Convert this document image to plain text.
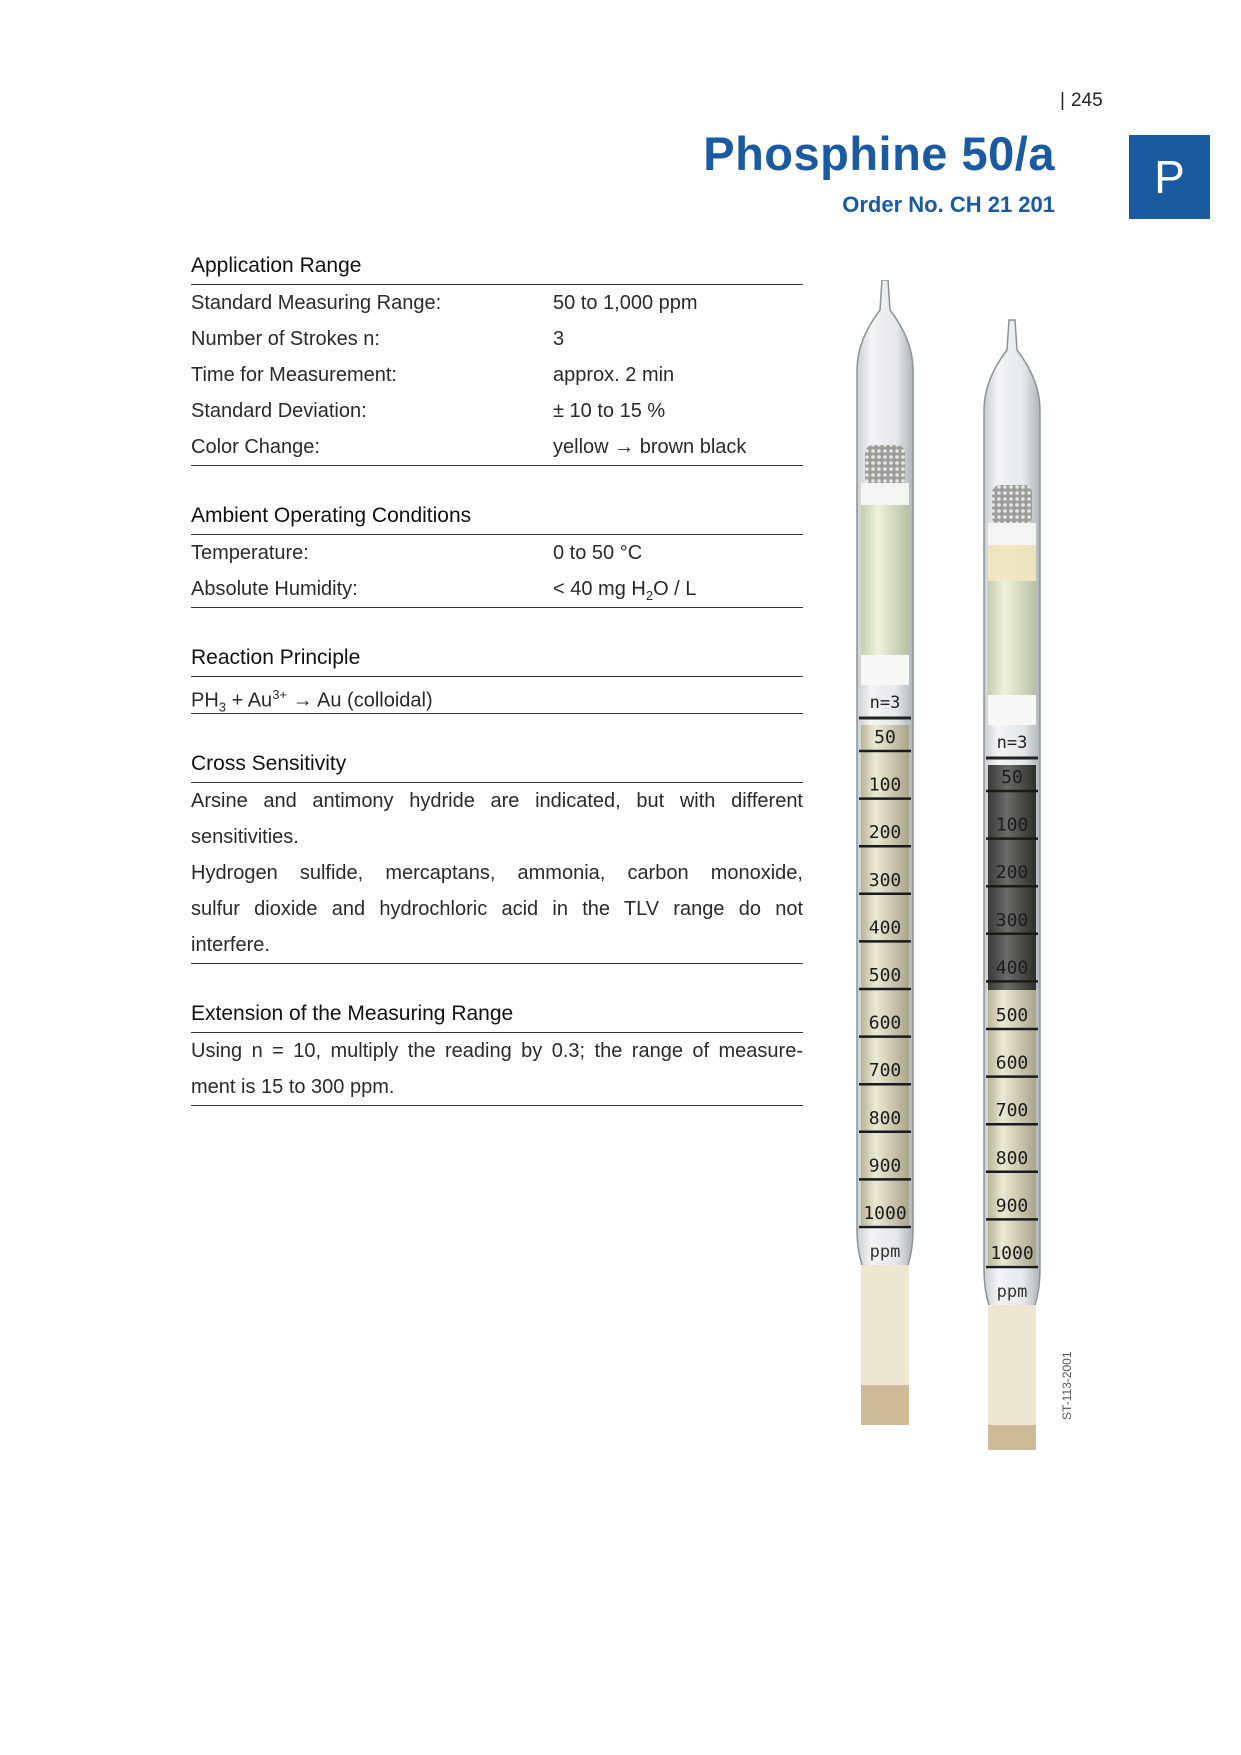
| 245
Phosphine 50/a
Order No. CH 21 201
P
Application Range
Standard Measuring Range:	50 to 1,000 ppm
Number of Strokes n:	3
Time for Measurement:	approx. 2 min
Standard Deviation:	± 10 to 15 %
Color Change:	yellow → brown black
Ambient Operating Conditions
Temperature:	0 to 50 °C
Absolute Humidity:	< 40 mg $H_2O$ / L
Reaction Principle
$PH_3 + Au^{3+} \to Au$ (colloidal)
Cross Sensitivity
Arsine and antimony hydride are indicated, but with different
sensitivities.
Hydrogen sulfide, mercaptans, ammonia, carbon monoxide,
sulfur dioxide and hydrochloric acid in the TLV range do not
interfere.
Extension of the Measuring Range
Using n = 10, multiply the reading by 0.3; the range of measure-
ment is 15 to 300 ppm.
n=3
50
100
200
300
400
500
600
700
800
900
1000
ppm
n=3
50
100
200
300
400
500
600
700
800
900
1000
ppm
ST-113-2001
